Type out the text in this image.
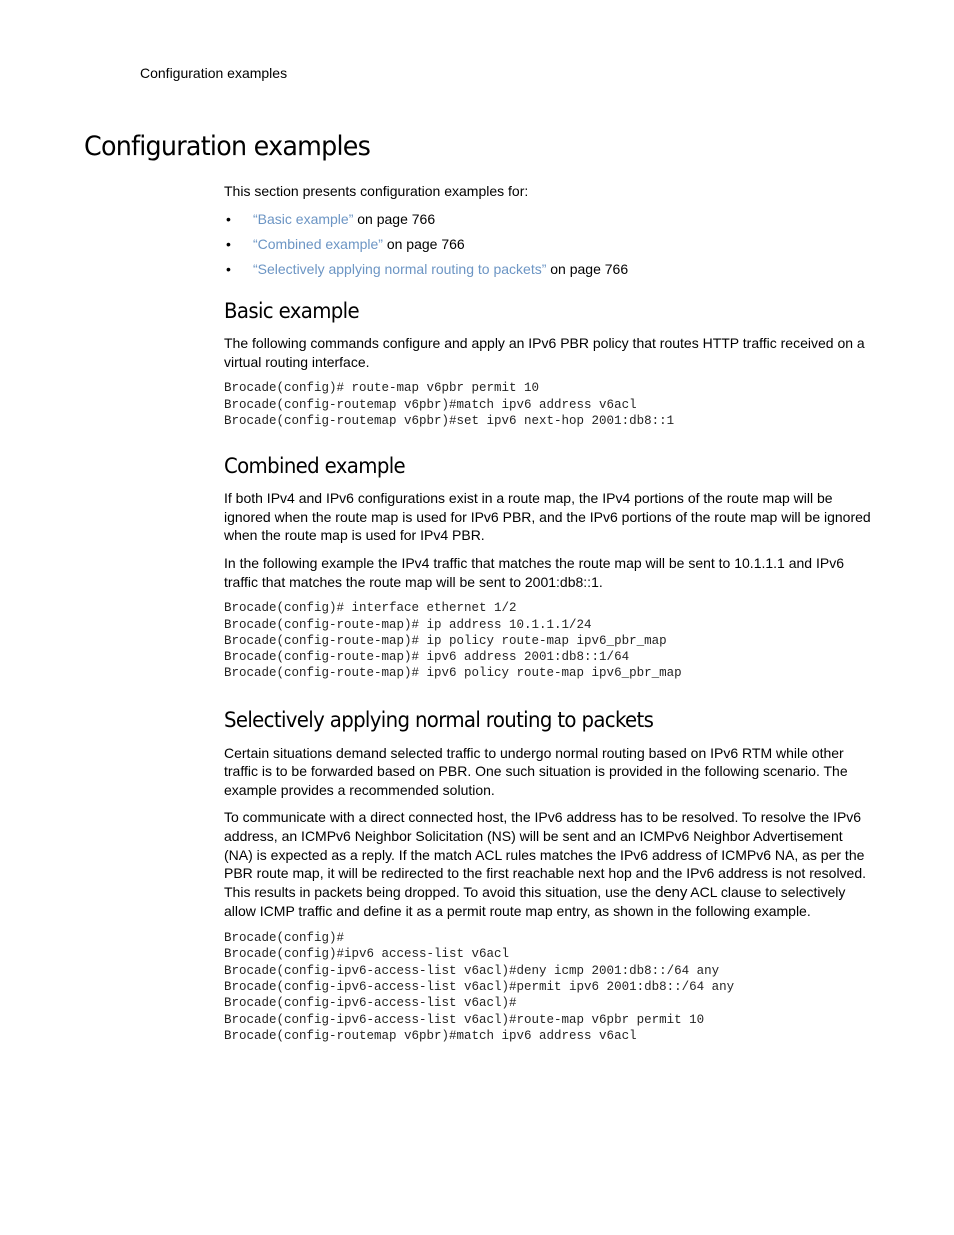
Configuration examples
Configuration examples

This section presents configuration examples for:

• “Basic example” on page 766
• “Combined example” on page 766
• “Selectively applying normal routing to packets” on page 766
Basic example

The following commands configure and apply an IPv6 PBR policy that routes HTTP traffic received on a virtual routing interface.

Brocade(config)# route-map v6pbr permit 10
Brocade(config-routemap v6pbr)#match ipv6 address v6acl
Brocade(config-routemap v6pbr)#set ipv6 next-hop 2001:db8::1
Combined example

If both IPv4 and IPv6 configurations exist in a route map, the IPv4 portions of the route map will be ignored when the route map is used for IPv6 PBR, and the IPv6 portions of the route map will be ignored when the route map is used for IPv4 PBR.

In the following example the IPv4 traffic that matches the route map will be sent to 10.1.1.1 and IPv6 traffic that matches the route map will be sent to 2001:db8::1.

Brocade(config)# interface ethernet 1/2
Brocade(config-route-map)# ip address 10.1.1.1/24
Brocade(config-route-map)# ip policy route-map ipv6_pbr_map
Brocade(config-route-map)# ipv6 address 2001:db8::1/64
Brocade(config-route-map)# ipv6 policy route-map ipv6_pbr_map
Selectively applying normal routing to packets

Certain situations demand selected traffic to undergo normal routing based on IPv6 RTM while other traffic is to be forwarded based on PBR. One such situation is provided in the following scenario. The example provides a recommended solution.

To communicate with a direct connected host, the IPv6 address has to be resolved. To resolve the IPv6 address, an ICMPv6 Neighbor Solicitation (NS) will be sent and an ICMPv6 Neighbor Advertisement (NA) is expected as a reply. If the match ACL rules matches the IPv6 address of ICMPv6 NA, as per the PBR route map, it will be redirected to the first reachable next hop and the IPv6 address is not resolved. This results in packets being dropped. To avoid this situation, use the deny ACL clause to selectively allow ICMP traffic and define it as a permit route map entry, as shown in the following example.

Brocade(config)#
Brocade(config)#ipv6 access-list v6acl
Brocade(config-ipv6-access-list v6acl)#deny icmp 2001:db8::/64 any
Brocade(config-ipv6-access-list v6acl)#permit ipv6 2001:db8::/64 any
Brocade(config-ipv6-access-list v6acl)#
Brocade(config-ipv6-access-list v6acl)#route-map v6pbr permit 10
Brocade(config-routemap v6pbr)#match ipv6 address v6acl
